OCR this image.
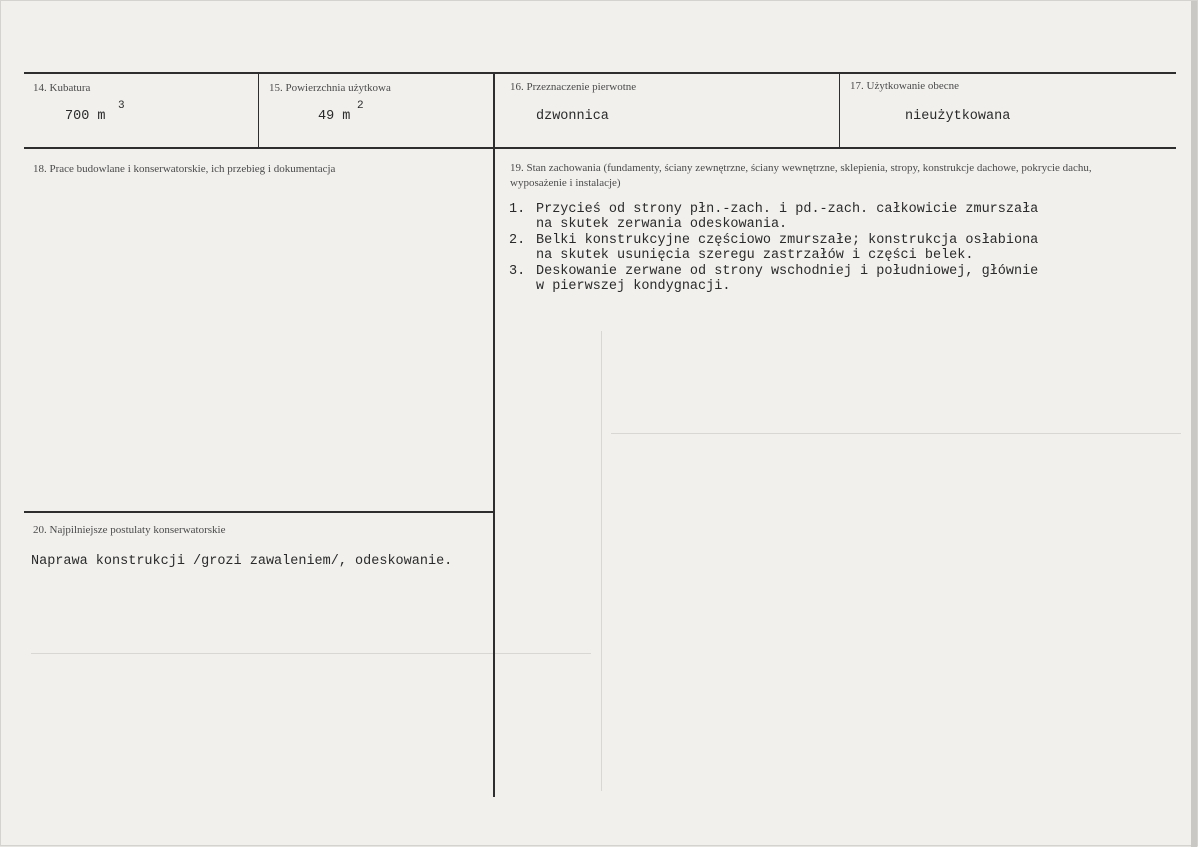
14. Kubatura
700 m
3
15. Powierzchnia użytkowa
49 m
2
16. Przeznaczenie pierwotne
dzwonnica
17. Użytkowanie obecne
nieużytkowana
18. Prace budowlane i konserwatorskie, ich przebieg i dokumentacja	19. Stan zachowania (fundamenty, ściany zewnętrzne, ściany wewnętrzne, sklepienia, stropy, konstrukcje dachowe, pokrycie dachu, wyposażenie i instalacje)
1. Przycieś od strony płn.-zach. i pd.-zach. całkowicie zmurszała
na skutek zerwania odeskowania.
2. Belki konstrukcyjne częściowo zmurszałe; konstrukcja osłabiona
na skutek usunięcia szeregu zastrzałów i części belek.
3. Deskowanie zerwane od strony wschodniej i południowej, głównie
w pierwszej kondygnacji.
20. Najpilniejsze postulaty konserwatorskie
Naprawa konstrukcji /grozi zawaleniem/, odeskowanie.
